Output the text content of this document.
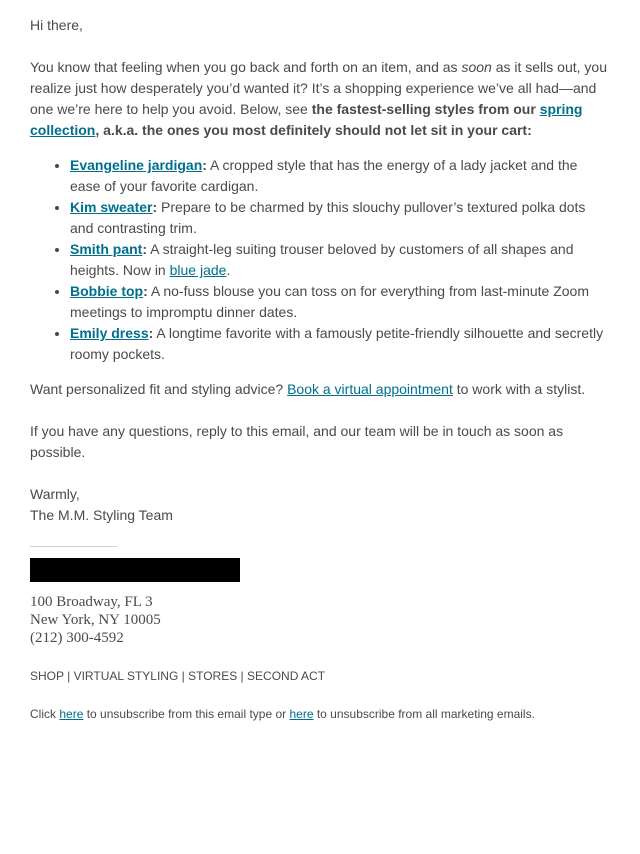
Hi there,

You know that feeling when you go back and forth on an item, and as soon as it sells out, you realize just how desperately you’d wanted it? It’s a shopping experience we’ve all had—and one we’re here to help you avoid. Below, see the fastest-selling styles from our spring collection, a.k.a. the ones you most definitely should not let sit in your cart:

• Evangeline jardigan: A cropped style that has the energy of a lady jacket and the ease of your favorite cardigan.
• Kim sweater: Prepare to be charmed by this slouchy pullover’s textured polka dots and contrasting trim.
• Smith pant: A straight-leg suiting trouser beloved by customers of all shapes and heights. Now in blue jade.
• Bobbie top: A no-fuss blouse you can toss on for everything from last-minute Zoom meetings to impromptu dinner dates.
• Emily dress: A longtime favorite with a famously petite-friendly silhouette and secretly roomy pockets.

Want personalized fit and styling advice? Book a virtual appointment to work with a stylist.

If you have any questions, reply to this email, and our team will be in touch as soon as possible.

Warmly,

The M.M. Styling Team

100 Broadway, FL 3
New York, NY 10005
(212) 300-4592
SHOP | VIRTUAL STYLING | STORES | SECOND ACT

Click here to unsubscribe from this email type or here to unsubscribe from all marketing emails.
